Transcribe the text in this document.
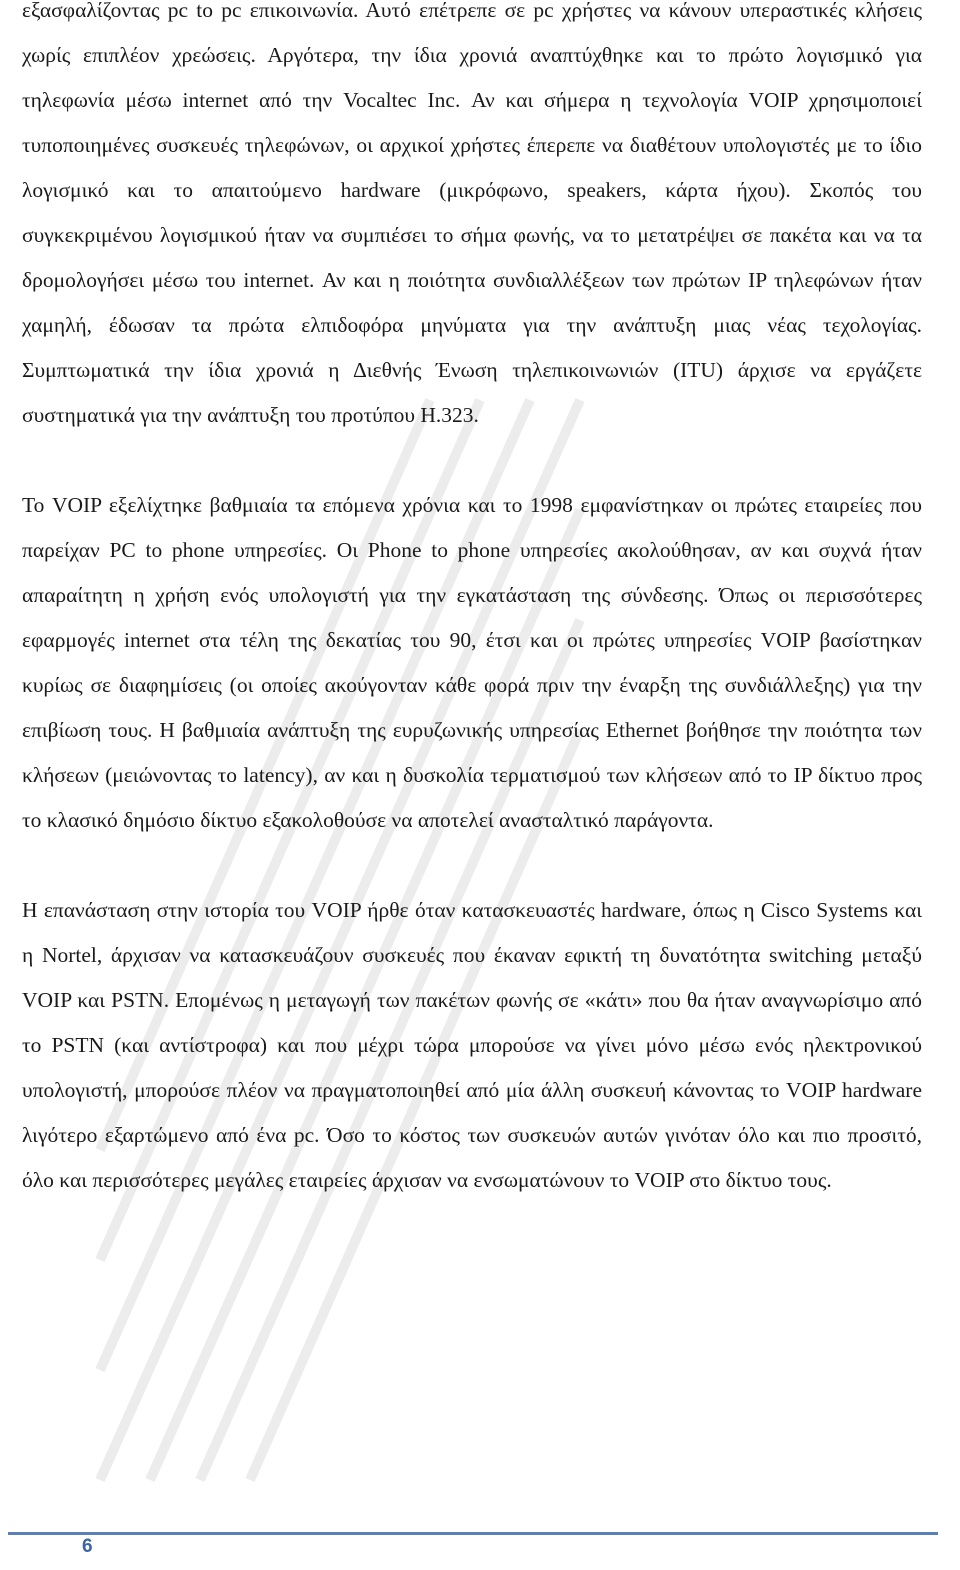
εξασφαλίζοντας pc to pc επικοινωνία. Αυτό επέτρεπε σε pc χρήστες να κάνουν υπεραστικές κλήσεις χωρίς επιπλέον χρεώσεις. Αργότερα, την ίδια χρονιά αναπτύχθηκε και το πρώτο λογισμικό για τηλεφωνία μέσω internet από την Vocaltec Inc. Αν και σήμερα η τεχνολογία VOIP χρησιμοποιεί τυποποιημένες συσκευές τηλεφώνων, οι αρχικοί χρήστες έπερεπε να διαθέτουν υπολογιστές με το ίδιο λογισμικό και το απαιτούμενο hardware (μικρόφωνο, speakers, κάρτα ήχου). Σκοπός του συγκεκριμένου λογισμικού ήταν να συμπιέσει το σήμα φωνής, να το μετατρέψει σε πακέτα και να τα δρομολογήσει μέσω του internet. Αν και η ποιότητα συνδιαλλέξεων των πρώτων IP τηλεφώνων ήταν χαμηλή, έδωσαν τα πρώτα ελπιδοφόρα μηνύματα για την ανάπτυξη μιας νέας τεχολογίας. Συμπτωματικά την ίδια χρονιά η Διεθνής Ένωση τηλεπικοινωνιών (ITU) άρχισε να εργάζετε συστηματικά για την ανάπτυξη του προτύπου H.323.

Το VOIP εξελίχτηκε βαθμιαία τα επόμενα χρόνια και το 1998 εμφανίστηκαν οι πρώτες εταιρείες που παρείχαν PC to phone υπηρεσίες. Οι Phone to phone υπηρεσίες ακολούθησαν, αν και συχνά ήταν απαραίτητη η χρήση ενός υπολογιστή για την εγκατάσταση της σύνδεσης. Όπως οι περισσότερες εφαρμογές internet στα τέλη της δεκατίας του 90, έτσι και οι πρώτες υπηρεσίες VOIP βασίστηκαν κυρίως σε διαφημίσεις (οι οποίες ακούγονταν κάθε φορά πριν την έναρξη της συνδιάλλεξης) για την επιβίωση τους. Η βαθμιαία ανάπτυξη της ευρυζωνικής υπηρεσίας Ethernet βοήθησε την ποιότητα των κλήσεων (μειώνοντας το latency), αν και η δυσκολία τερματισμού των κλήσεων από το IP δίκτυο προς το κλασικό δημόσιο δίκτυο εξακολοθούσε να αποτελεί ανασταλτικό παράγοντα.

Η επανάσταση στην ιστορία του VOIP ήρθε όταν κατασκευαστές hardware, όπως η Cisco Systems και η Nortel, άρχισαν να κατασκευάζουν συσκευές που έκαναν εφικτή τη δυνατότητα switching μεταξύ VOIP και PSTN. Επομένως η μεταγωγή των πακέτων φωνής σε «κάτι» που θα ήταν αναγνωρίσιμο από το PSTN (και αντίστροφα) και που μέχρι τώρα μπορούσε να γίνει μόνο μέσω ενός ηλεκτρονικού υπολογιστή, μπορούσε πλέον να πραγματοποιηθεί από μία άλλη συσκευή κάνοντας το VOIP hardware λιγότερο εξαρτώμενο από ένα pc. Όσο το κόστος των συσκευών αυτών γινόταν όλο και πιο προσιτό, όλο και περισσότερες μεγάλες εταιρείες άρχισαν να ενσωματώνουν το VOIP στο δίκτυο τους.

6
